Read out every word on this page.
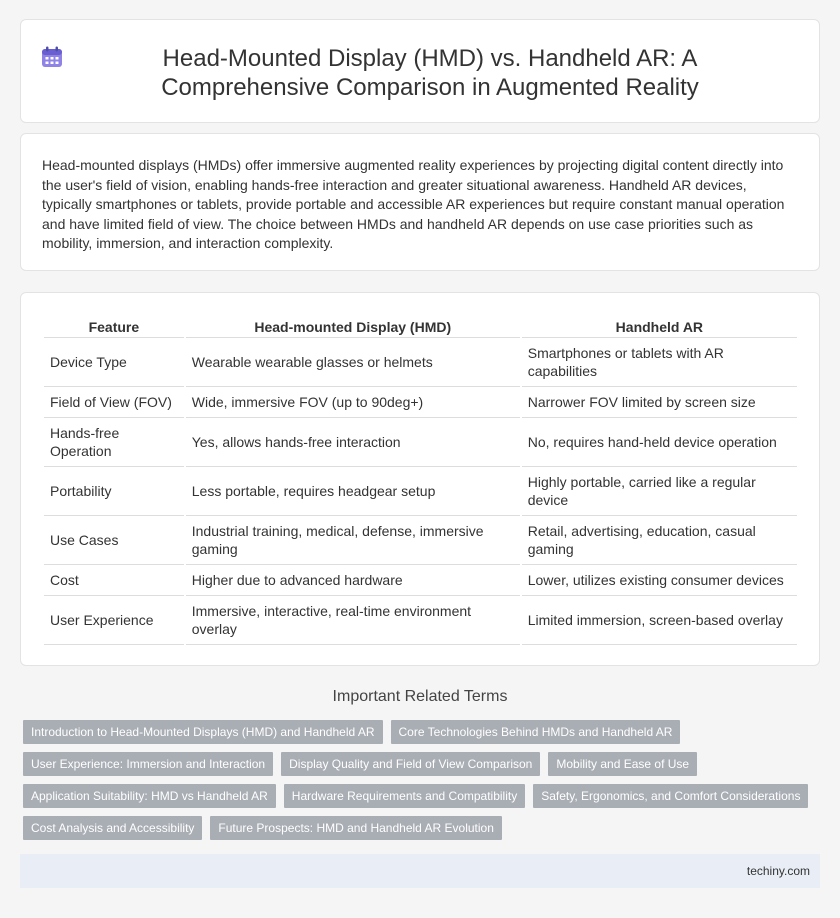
Head-Mounted Display (HMD) vs. Handheld AR: A Comprehensive Comparison in Augmented Reality

Head-mounted displays (HMDs) offer immersive augmented reality experiences by projecting digital content directly into the user's field of vision, enabling hands-free interaction and greater situational awareness. Handheld AR devices, typically smartphones or tablets, provide portable and accessible AR experiences but require constant manual operation and have limited field of view. The choice between HMDs and handheld AR depends on use case priorities such as mobility, immersion, and interaction complexity.

Feature	Head-mounted Display (HMD)	Handheld AR
Device Type	Wearable wearable glasses or helmets	Smartphones or tablets with AR capabilities
Field of View (FOV)	Wide, immersive FOV (up to 90deg+)	Narrower FOV limited by screen size
Hands-free Operation	Yes, allows hands-free interaction	No, requires hand-held device operation
Portability	Less portable, requires headgear setup	Highly portable, carried like a regular device
Use Cases	Industrial training, medical, defense, immersive gaming	Retail, advertising, education, casual gaming
Cost	Higher due to advanced hardware	Lower, utilizes existing consumer devices
User Experience	Immersive, interactive, real-time environment overlay	Limited immersion, screen-based overlay
Important Related Terms
Introduction to Head-Mounted Displays (HMD) and Handheld AR	Core Technologies Behind HMDs and Handheld AR
User Experience: Immersion and Interaction	Display Quality and Field of View Comparison	Mobility and Ease of Use
Application Suitability: HMD vs Handheld AR	Hardware Requirements and Compatibility	Safety, Ergonomics, and Comfort Considerations
Cost Analysis and Accessibility	Future Prospects: HMD and Handheld AR Evolution
techiny.com
